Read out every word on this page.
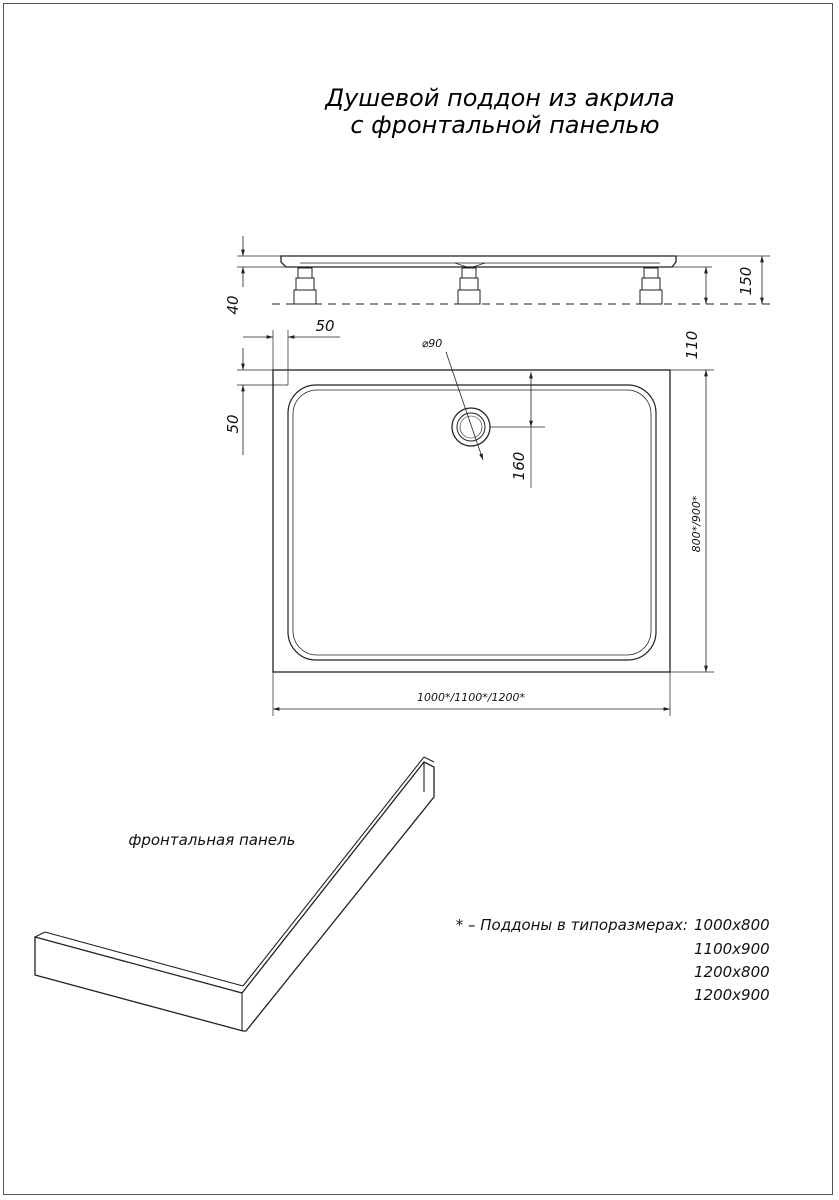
Душевой поддон из акрила
с фронтальной панелью
40
150
110
50
50
⌀90
160
800*/900*
1000*/1100*/1200*
фронтальная панель
* – Поддоны в типоразмерах: 1000x800
1100x900
1200x800
1200x900
